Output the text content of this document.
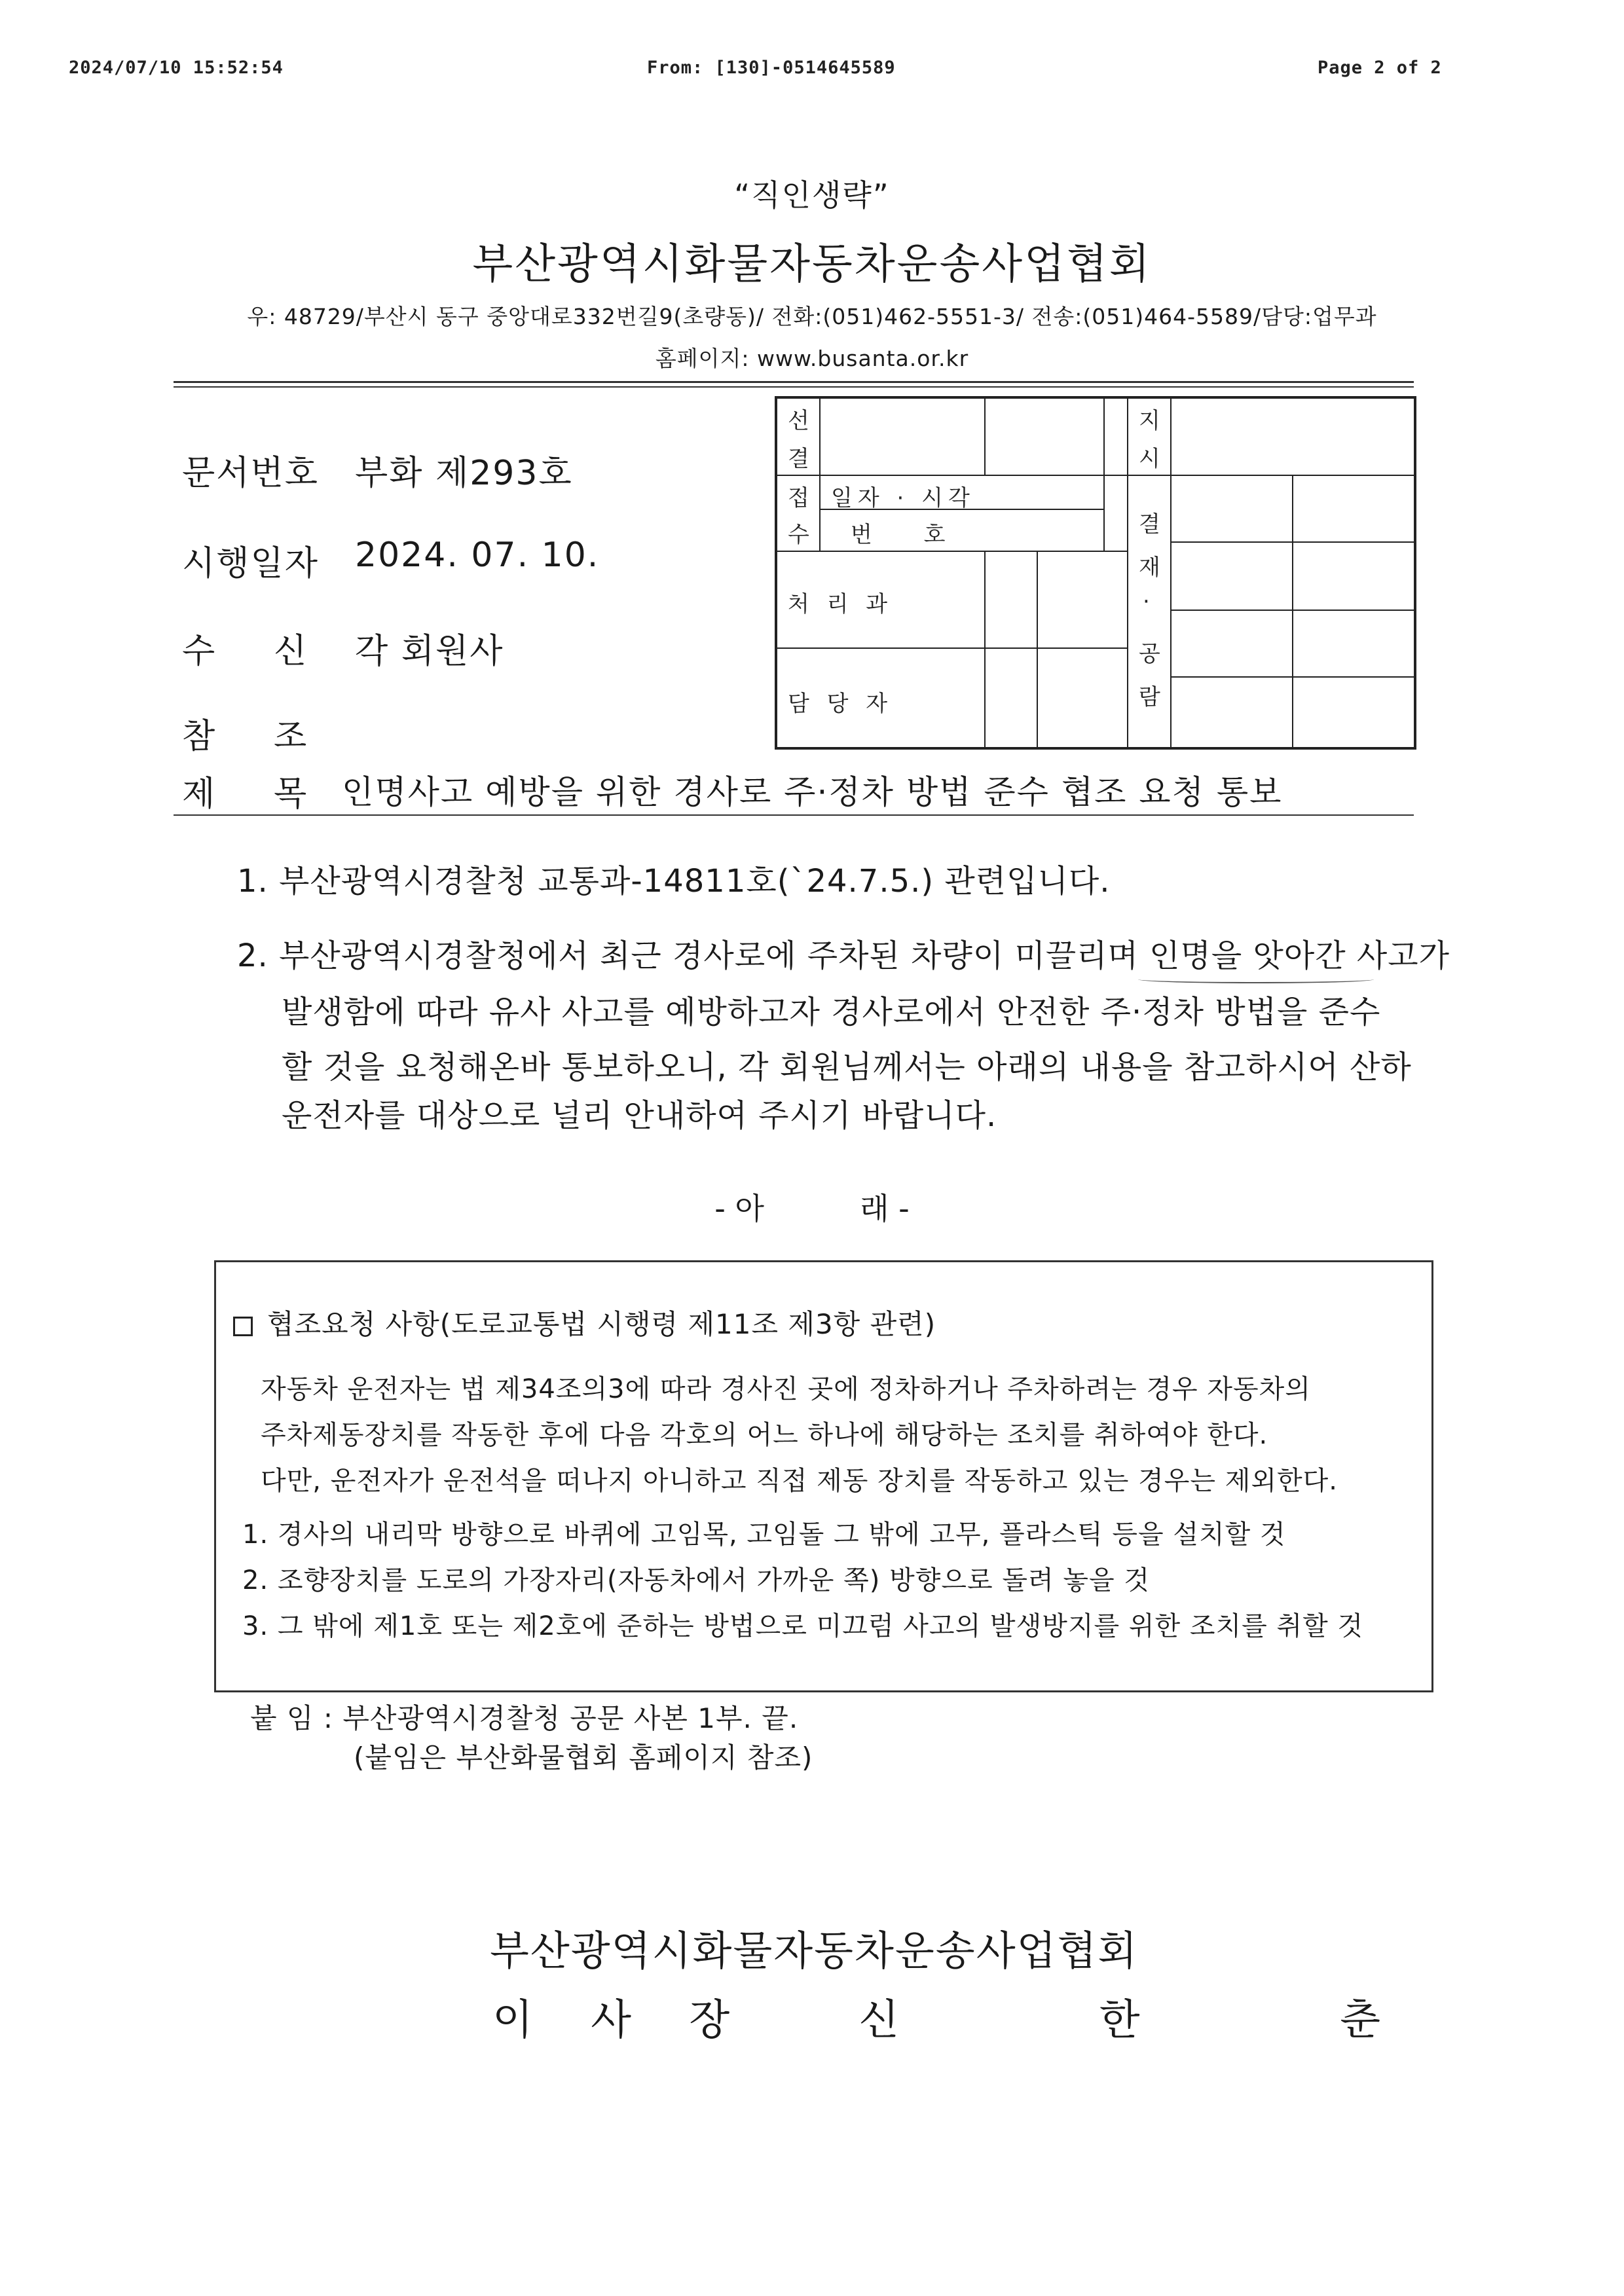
2024/07/10 15:52:54	From: [130]-0514645589	Page 2 of 2
“직인생략”
부산광역시화물자동차운송사업협회
우: 48729/부산시 동구 중앙대로332번길9(초량동)/ 전화:(051)462-5551-3/ 전송:(051)464-5589/담당:업무과
홈페이지: www.busanta.or.kr
문서번호 부화 제293호
시행일자 2024. 07. 10.
수 신 각 회원사
참 조
제 목 인명사고 예방을 위한 경사로 주·정차 방법 준수 협조 요청 통보
선
결
지
시
접
수
일자 · 시각
번 호
처 리 과
담 당 자
결
재
·
공
람
1. 부산광역시경찰청 교통과-14811호(`24.7.5.) 관련입니다.
2. 부산광역시경찰청에서 최근 경사로에 주차된 차량이 미끌리며 인명을 앗아간 사고가
발생함에 따라 유사 사고를 예방하고자 경사로에서 안전한 주·정차 방법을 준수
할 것을 요청해온바 통보하오니, 각 회원님께서는 아래의 내용을 참고하시어 산하
운전자를 대상으로 널리 안내하여 주시기 바랍니다.
- 아          래 -
협조요청 사항(도로교통법 시행령 제11조 제3항 관련)
자동차 운전자는 법 제34조의3에 따라 경사진 곳에 정차하거나 주차하려는 경우 자동차의
주차제동장치를 작동한 후에 다음 각호의 어느 하나에 해당하는 조치를 취하여야 한다.
다만, 운전자가 운전석을 떠나지 아니하고 직접 제동 장치를 작동하고 있는 경우는 제외한다.
1. 경사의 내리막 방향으로 바퀴에 고임목, 고임돌 그 밖에 고무, 플라스틱 등을 설치할 것
2. 조향장치를 도로의 가장자리(자동차에서 가까운 쪽) 방향으로 돌려 놓을 것
3. 그 밖에 제1호 또는 제2호에 준하는 방법으로 미끄럼 사고의 발생방지를 위한 조치를 취할 것
붙 임 : 부산광역시경찰청 공문 사본 1부. 끝.
(붙임은 부산화물협회 홈페이지 참조)
부산광역시화물자동차운송사업협회
이 사 장   신     한     춘
